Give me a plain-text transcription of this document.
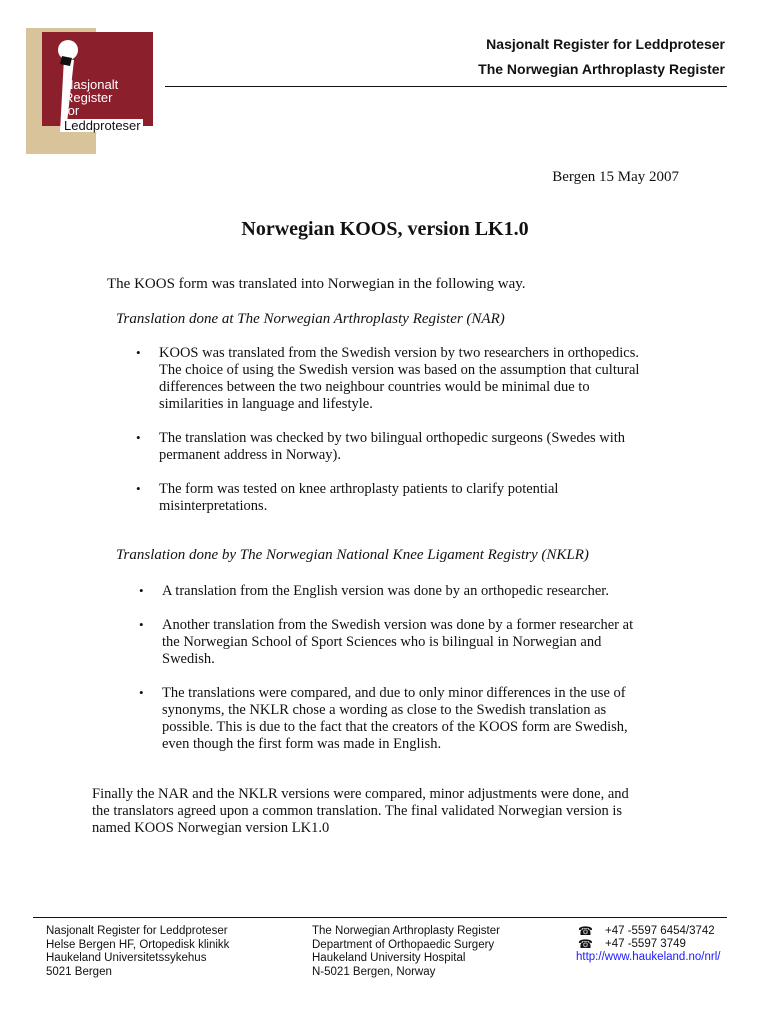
Nasjonalt
Register
for
Leddproteser
Nasjonalt Register for Leddproteser
The Norwegian Arthroplasty Register
Bergen 15 May 2007
Norwegian KOOS, version LK1.0
The KOOS form was translated into Norwegian in the following way.
Translation done at The Norwegian Arthroplasty Register (NAR)
• KOOS was translated from the Swedish version by two researchers in orthopedics.
The choice of using the Swedish version was based on the assumption that cultural
differences between the two neighbour countries would be minimal due to
similarities in language and lifestyle.
• The translation was checked by two bilingual orthopedic surgeons (Swedes with
permanent address in Norway).
• The form was tested on knee arthroplasty patients to clarify potential
misinterpretations.
Translation done by The Norwegian National Knee Ligament Registry (NKLR)
• A translation from the English version was done by an orthopedic researcher.
• Another translation from the Swedish version was done by a former researcher at
the Norwegian School of Sport Sciences who is bilingual in Norwegian and
Swedish.
• The translations were compared, and due to only minor differences in the use of
synonyms, the NKLR chose a wording as close to the Swedish translation as
possible. This is due to the fact that the creators of the KOOS form are Swedish,
even though the first form was made in English.
Finally the NAR and the NKLR versions were compared, minor adjustments were done, and
the translators agreed upon a common translation. The final validated Norwegian version is
named KOOS Norwegian version LK1.0
Nasjonalt Register for Leddproteser
Helse Bergen HF, Ortopedisk klinikk
Haukeland Universitetssykehus
5021 Bergen
The Norwegian Arthroplasty Register
Department of Orthopaedic Surgery
Haukeland University Hospital
N-5021 Bergen, Norway
☎
☎
+47 -5597 6454/3742
+47 -5597 3749
http://www.haukeland.no/nrl/
